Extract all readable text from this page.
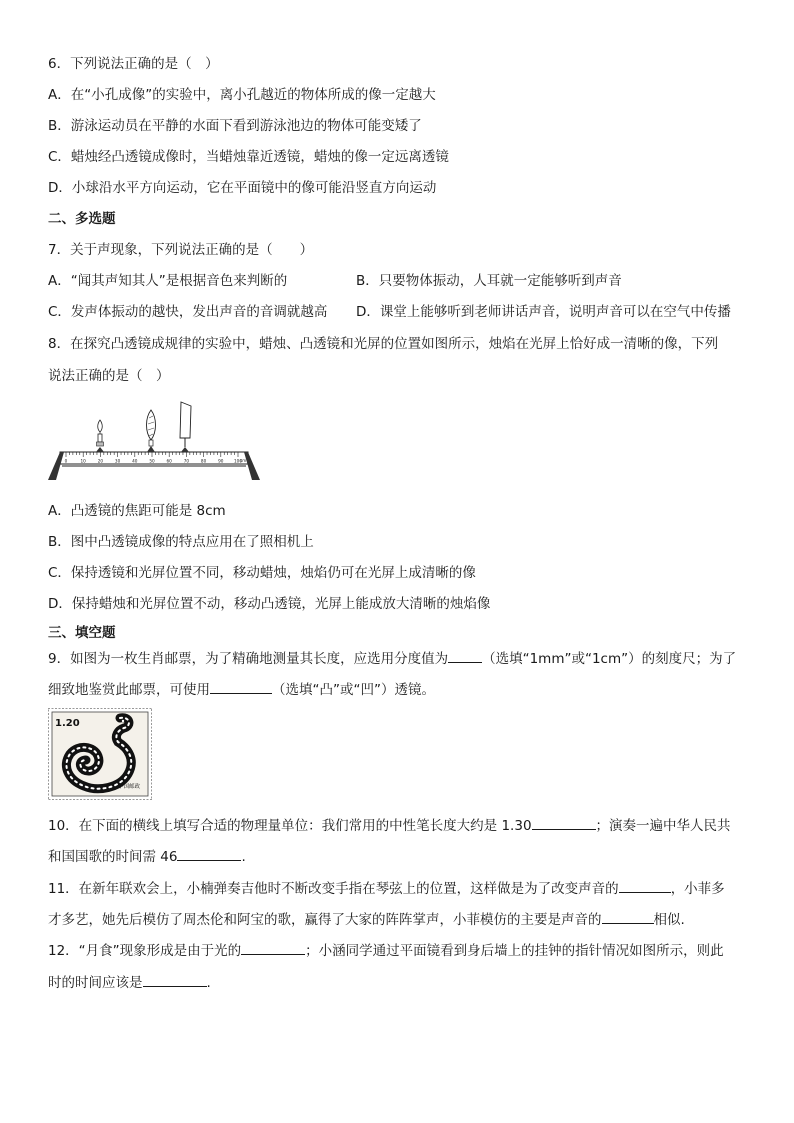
6．下列说法正确的是（　）
A．在“小孔成像”的实验中，离小孔越近的物体所成的像一定越大
B．游泳运动员在平静的水面下看到游泳池边的物体可能变矮了
C．蜡烛经凸透镜成像时，当蜡烛靠近透镜，蜡烛的像一定远离透镜
D．小球沿水平方向运动，它在平面镜中的像可能沿竖直方向运动
二、多选题
7．关于声现象，下列说法正确的是（　　）
A．“闻其声知其人”是根据音色来判断的	B．只要物体振动，人耳就一定能够听到声音
C．发声体振动的越快，发出声音的音调就越高 D．课堂上能够听到老师讲话声音，说明声音可以在空气中传播
8．在探究凸透镜成规律的实验中，蜡烛、凸透镜和光屏的位置如图所示，烛焰在光屏上恰好成一清晰的像，下列
说法正确的是（　）
0	10	20	30	40	50	60	70	80	90	100
cm
A．凸透镜的焦距可能是 8cm
B．图中凸透镜成像的特点应用在了照相机上
C．保持透镜和光屏位置不同，移动蜡烛，烛焰仍可在光屏上成清晰的像
D．保持蜡烛和光屏位置不动，移动凸透镜，光屏上能成放大清晰的烛焰像
三、填空题
9．如图为一枚生肖邮票，为了精确地测量其长度，应选用分度值为	（选填“1mm”或“1cm”）的刻度尺；为了
细致地鉴赏此邮票，可使用	（选填“凸”或“凹”）透镜。
1.20
中国邮政
10．在下面的横线上填写合适的物理量单位：我们常用的中性笔长度大约是 1.30	；演奏一遍中华人民共
和国国歌的时间需 46	.
11．在新年联欢会上，小楠弹奏吉他时不断改变手指在琴弦上的位置，这样做是为了改变声音的	，小菲多
才多艺，她先后模仿了周杰伦和阿宝的歌，赢得了大家的阵阵掌声，小菲模仿的主要是声音的	相似.
12．“月食”现象形成是由于光的	；小涵同学通过平面镜看到身后墙上的挂钟的指针情况如图所示，则此
时的时间应该是	.
